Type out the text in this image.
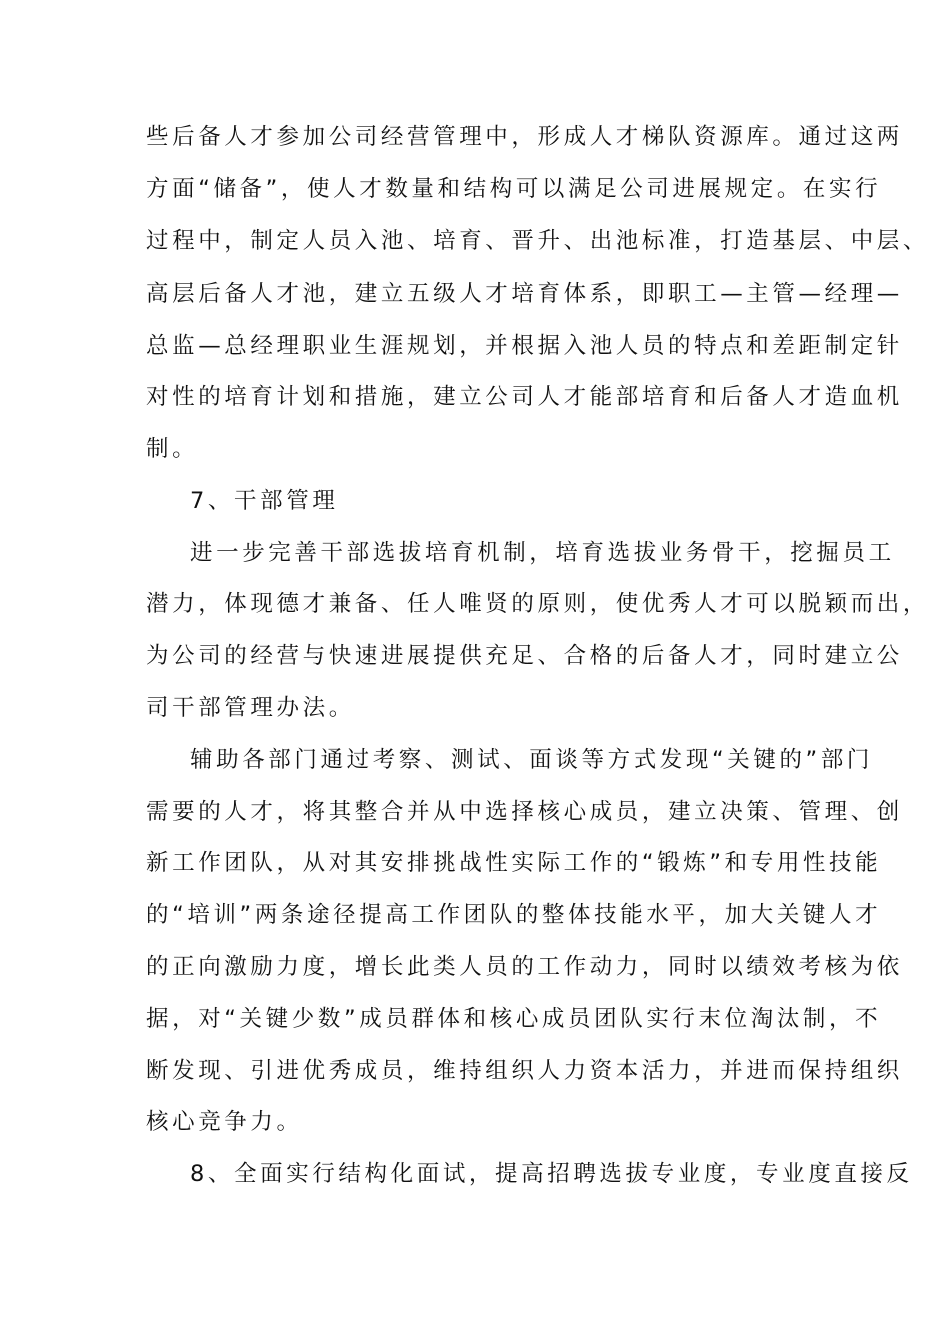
些后备人才参加公司经营管理中，形成人才梯队资源库。通过这两
方面“储备”，使人才数量和结构可以满足公司进展规定。在实行
过程中，制定人员入池、培育、晋升、出池标准，打造基层、中层、
高层后备人才池，建立五级人才培育体系，即职工—主管—经理—
总监—总经理职业生涯规划，并根据入池人员的特点和差距制定针
对性的培育计划和措施，建立公司人才能部培育和后备人才造血机
制。
7、干部管理
进一步完善干部选拔培育机制，培育选拔业务骨干，挖掘员工
潜力，体现德才兼备、任人唯贤的原则，使优秀人才可以脱颖而出，
为公司的经营与快速进展提供充足、合格的后备人才，同时建立公
司干部管理办法。
辅助各部门通过考察、测试、面谈等方式发现“关键的”部门
需要的人才，将其整合并从中选择核心成员，建立决策、管理、创
新工作团队，从对其安排挑战性实际工作的“锻炼”和专用性技能
的“培训”两条途径提高工作团队的整体技能水平，加大关键人才
的正向激励力度，增长此类人员的工作动力，同时以绩效考核为依
据，对“关键少数”成员群体和核心成员团队实行末位淘汰制，不
断发现、引进优秀成员，维持组织人力资本活力，并进而保持组织
核心竞争力。
8、全面实行结构化面试，提高招聘选拔专业度，专业度直接反
